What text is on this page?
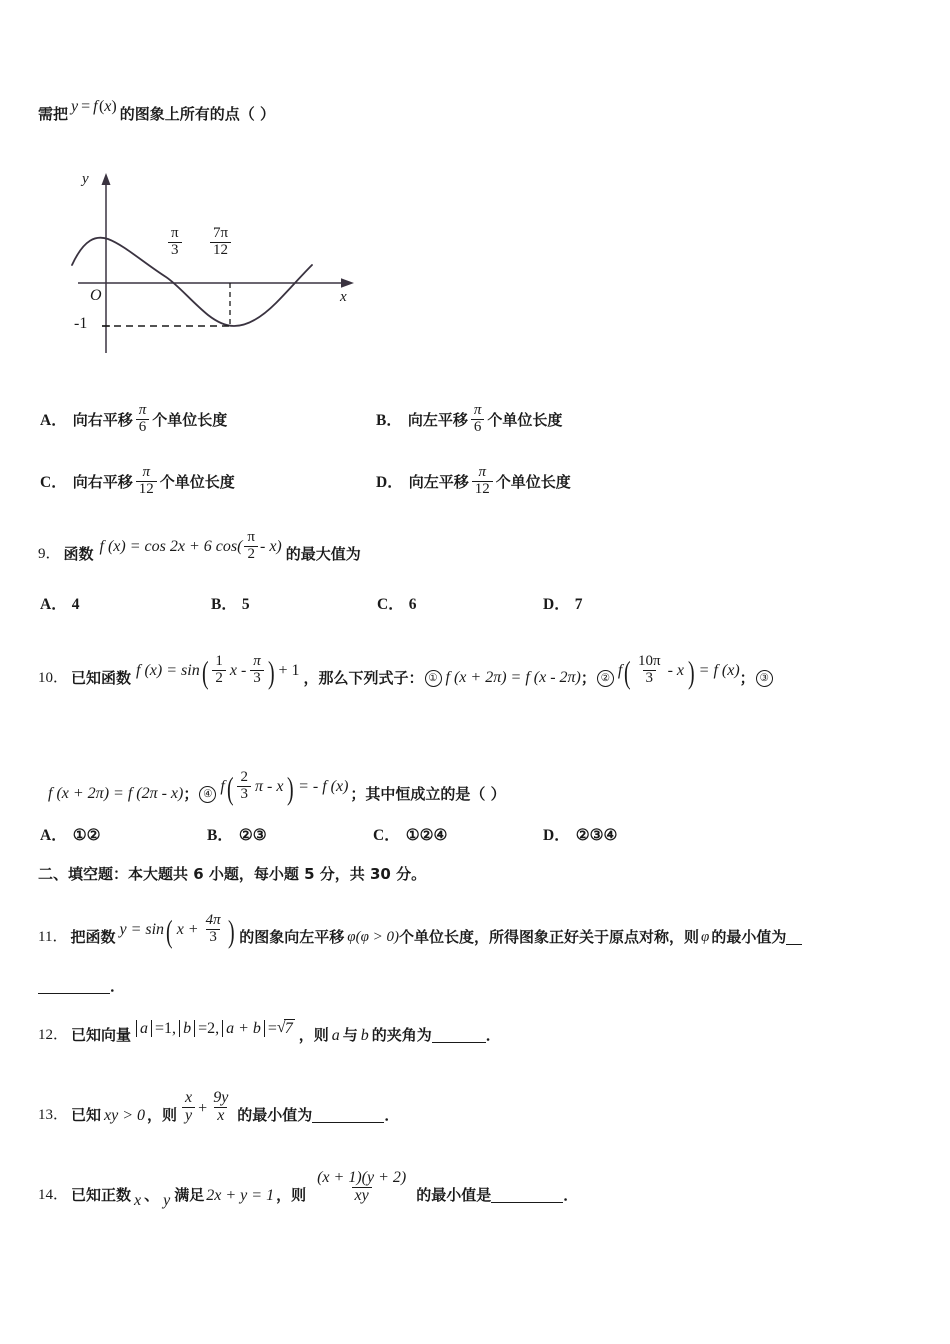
需把 y = f  ( x ) 的图象上所有的点（ ）
y
x
O
-1
$\frac{\pi}{3} \frac{7\pi}{12}$
A． 向右平移 $\frac{\pi}{6}$ 个单位长度	B． 向左平移 $\frac{\pi}{6}$ 个单位长度
C． 向右平移 $\frac{\pi}{12}$ 个单位长度	D． 向左平移 $\frac{\pi}{12}$ 个单位长度
9． 函数 f (x) = cos 2x + 6 $\cos( \frac{\pi}{2} - x)$ 的最大值为
A． 4	B． 5	C． 6	D． 7
10． 已知函数 f (x) = sin ( $\frac{1}{2}$ x - $\frac{\pi}{3}$ ) + 1 ，那么下列式子： ① f (x + 2π) = f (x - 2π) ； ② f ( $\frac{10\pi}{3}$ - x ) = f (x) ； ③
f (x + 2π) = f (2π - x) ； ④ f ( $\frac{2}{3}$ π - x ) = - f (x) ；其中恒成立的是（ ）
A． ①②	B． ②③	C． ①②④	D． ②③④
二、填空题：本大题共 6 小题，每小题 5 分，共 30 分。
11． 把函数 y = sin ( $x + \frac{4\pi}{3}$ ) 的图象向左平移 φ (φ > 0) 个单位长度，所得图象正好关于原点对称，则 φ 的最小值为
．
12． 已知向量 a =1, b =2, a + b = √ 7 ，则 a 与 b 的夹角为	．
13． 已知 xy > 0 ，则 $\frac{x}{y} + \frac{9y}{x}$ 的最小值为	．
14． 已知正数 x 、 y 满足 2x + y = 1 ，则 $\frac{(x + 1)(y + 2)}{xy}$ 的最小值是	．
